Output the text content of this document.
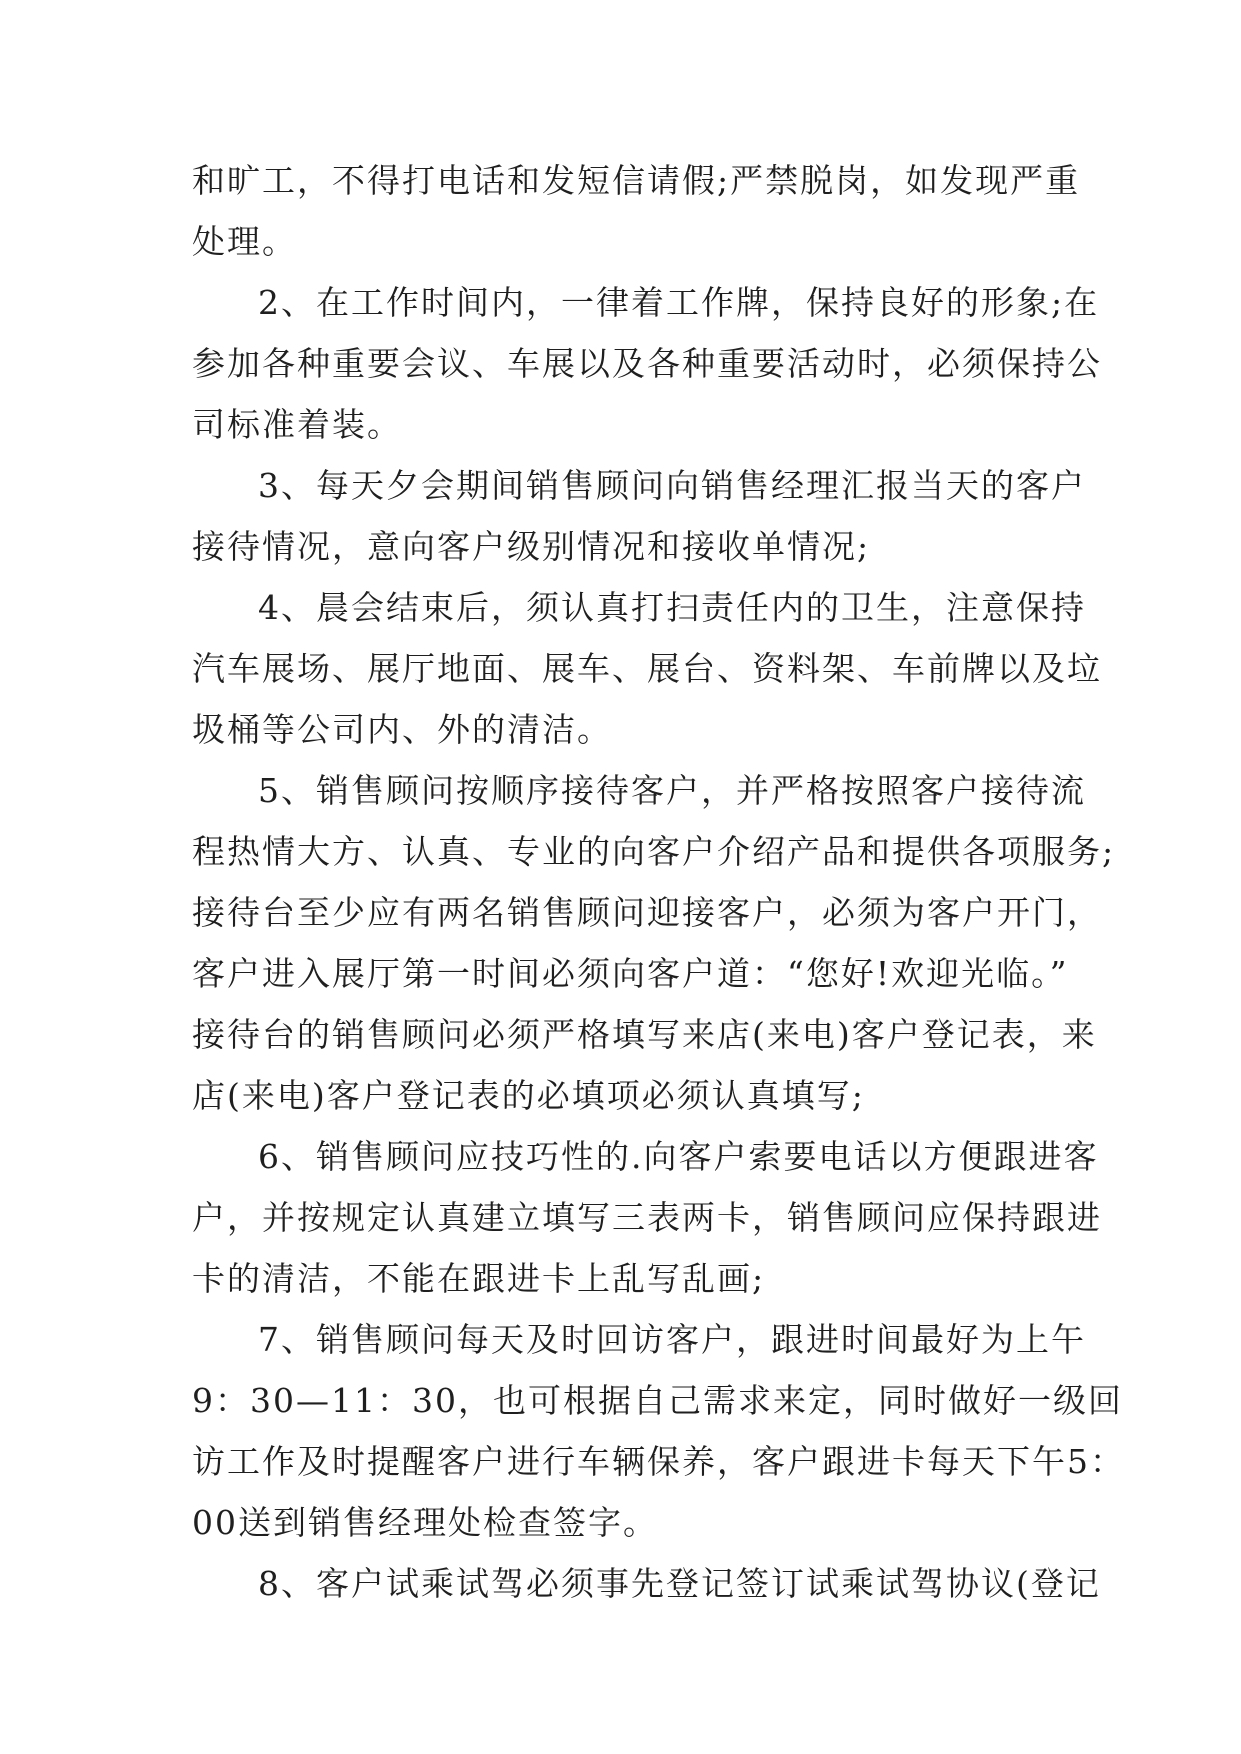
和旷工，不得打电话和发短信请假;严禁脱岗，如发现严重
处理。
2、在工作时间内，一律着工作牌，保持良好的形象;在
参加各种重要会议、车展以及各种重要活动时，必须保持公
司标准着装。
3、每天夕会期间销售顾问向销售经理汇报当天的客户
接待情况，意向客户级别情况和接收单情况;
4、晨会结束后，须认真打扫责任内的卫生，注意保持
汽车展场、展厅地面、展车、展台、资料架、车前牌以及垃
圾桶等公司内、外的清洁。
5、销售顾问按顺序接待客户，并严格按照客户接待流
程热情大方、认真、专业的向客户介绍产品和提供各项服务;
接待台至少应有两名销售顾问迎接客户，必须为客户开门，
客户进入展厅第一时间必须向客户道：“您好!欢迎光临。”
接待台的销售顾问必须严格填写来店(来电)客户登记表，来
店(来电)客户登记表的必填项必须认真填写;
6、销售顾问应技巧性的.向客户索要电话以方便跟进客
户，并按规定认真建立填写三表两卡，销售顾问应保持跟进
卡的清洁，不能在跟进卡上乱写乱画;
7、销售顾问每天及时回访客户，跟进时间最好为上午
9：30—11：30，也可根据自己需求来定，同时做好一级回
访工作及时提醒客户进行车辆保养，客户跟进卡每天下午5：
00送到销售经理处检查签字。
8、客户试乘试驾必须事先登记签订试乘试驾协议(登记
